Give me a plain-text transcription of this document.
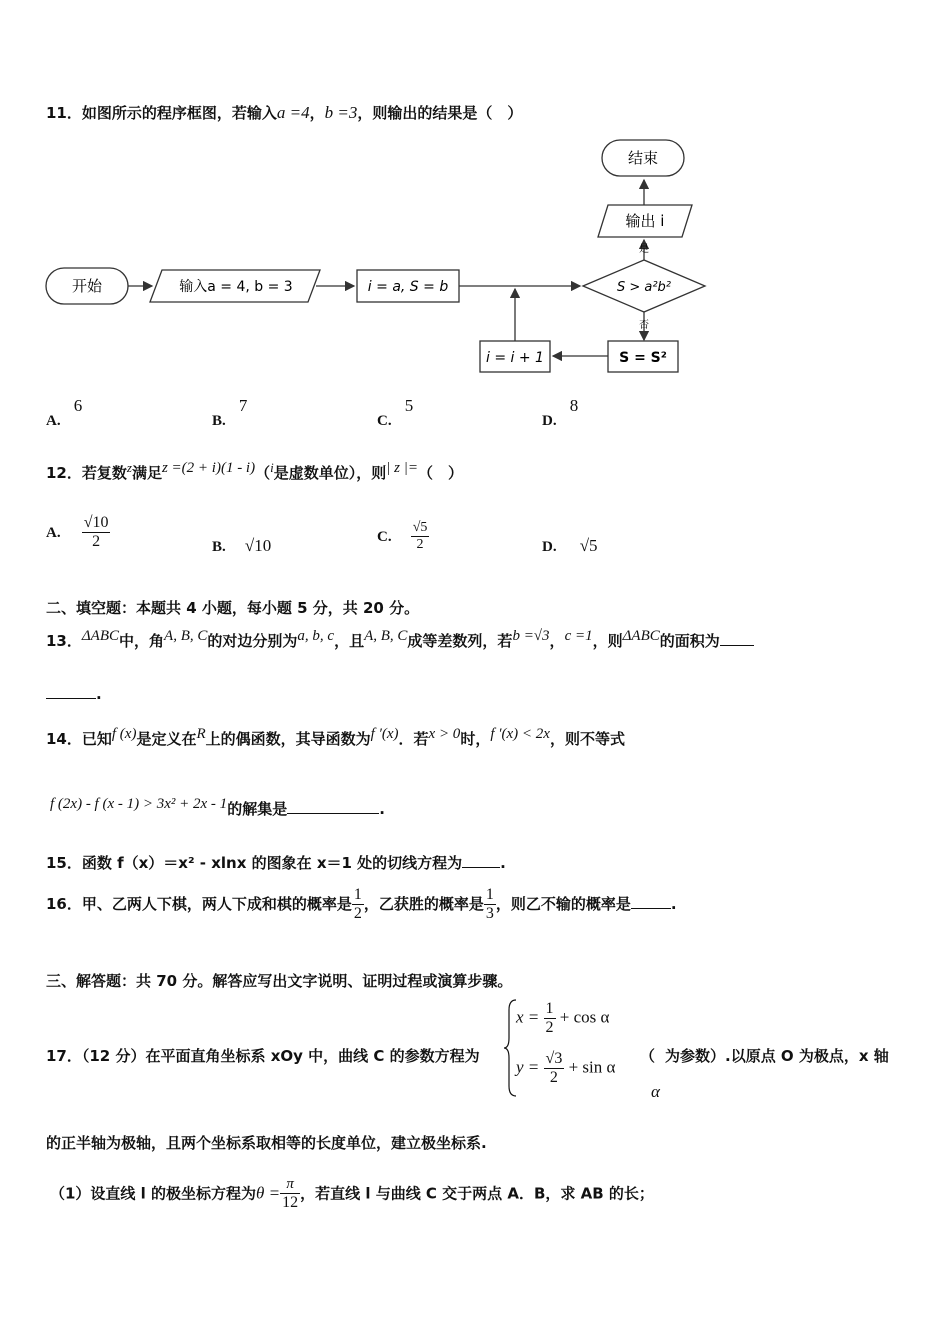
11．如图所示的程序框图，若输入a =4，b =3，则输出的结果是（　）
开始	输入a = 4, b = 3	i = a, S = b	S > a²b²
是
输出 i
结束
否
S = S²
i = i + 1
A. 6
B. 7
C. 5
D. 8
12．若复数$^z$满足$^{z =(2 + i)(1 - i)}$（$^i$是虚数单位），则$^{| z |=}$（　）
A. $\frac{√10}{2}$	B. √10	C. $\frac{√5}{2}$	D. √5
二、填空题：本题共 4 小题，每小题 5 分，共 20 分。
13．$^{\Delta ABC}$中，角$^{A, B, C}$的对边分别为$^{a, b, c}$，且$^{A, B, C}$成等差数列，若$^{b =√3}$，$^{c =1}$，则$^{\Delta ABC}$的面积为
.
14．已知$^{f (x)}$是定义在$^R$上的偶函数，其导函数为$^{f '(x)}$．若$^{x > 0}$时，$^{f '(x) < 2x}$，则不等式
$^{f (2x) - f (x - 1) > 3x^2 + 2x - 1}$的解集是	.
15．函数 f（x）＝x² - xlnx 的图象在 x＝1 处的切线方程为	.
16．甲、乙两人下棋，两人下成和棋的概率是 $\frac{1}{2}$ ，乙获胜的概率是 $\frac{1}{3}$ ，则乙不输的概率是	.
三、解答题：共 70 分。解答应写出文字说明、证明过程或演算步骤。
17．（12 分）在平面直角坐标系 xOy 中，曲线 C 的参数方程为
$x = \frac{1}{2} + \cos \alpha$
$y = \frac{√3}{2} + \sin \alpha$
（ 为参数）.以原点 O 为极点，x 轴
α
的正半轴为极轴，且两个坐标系取相等的长度单位，建立极坐标系.
（1）设直线 l 的极坐标方程为$\theta = \frac{\pi}{12}$ ，若直线 l 与曲线 C 交于两点 A．B，求 AB 的长；
